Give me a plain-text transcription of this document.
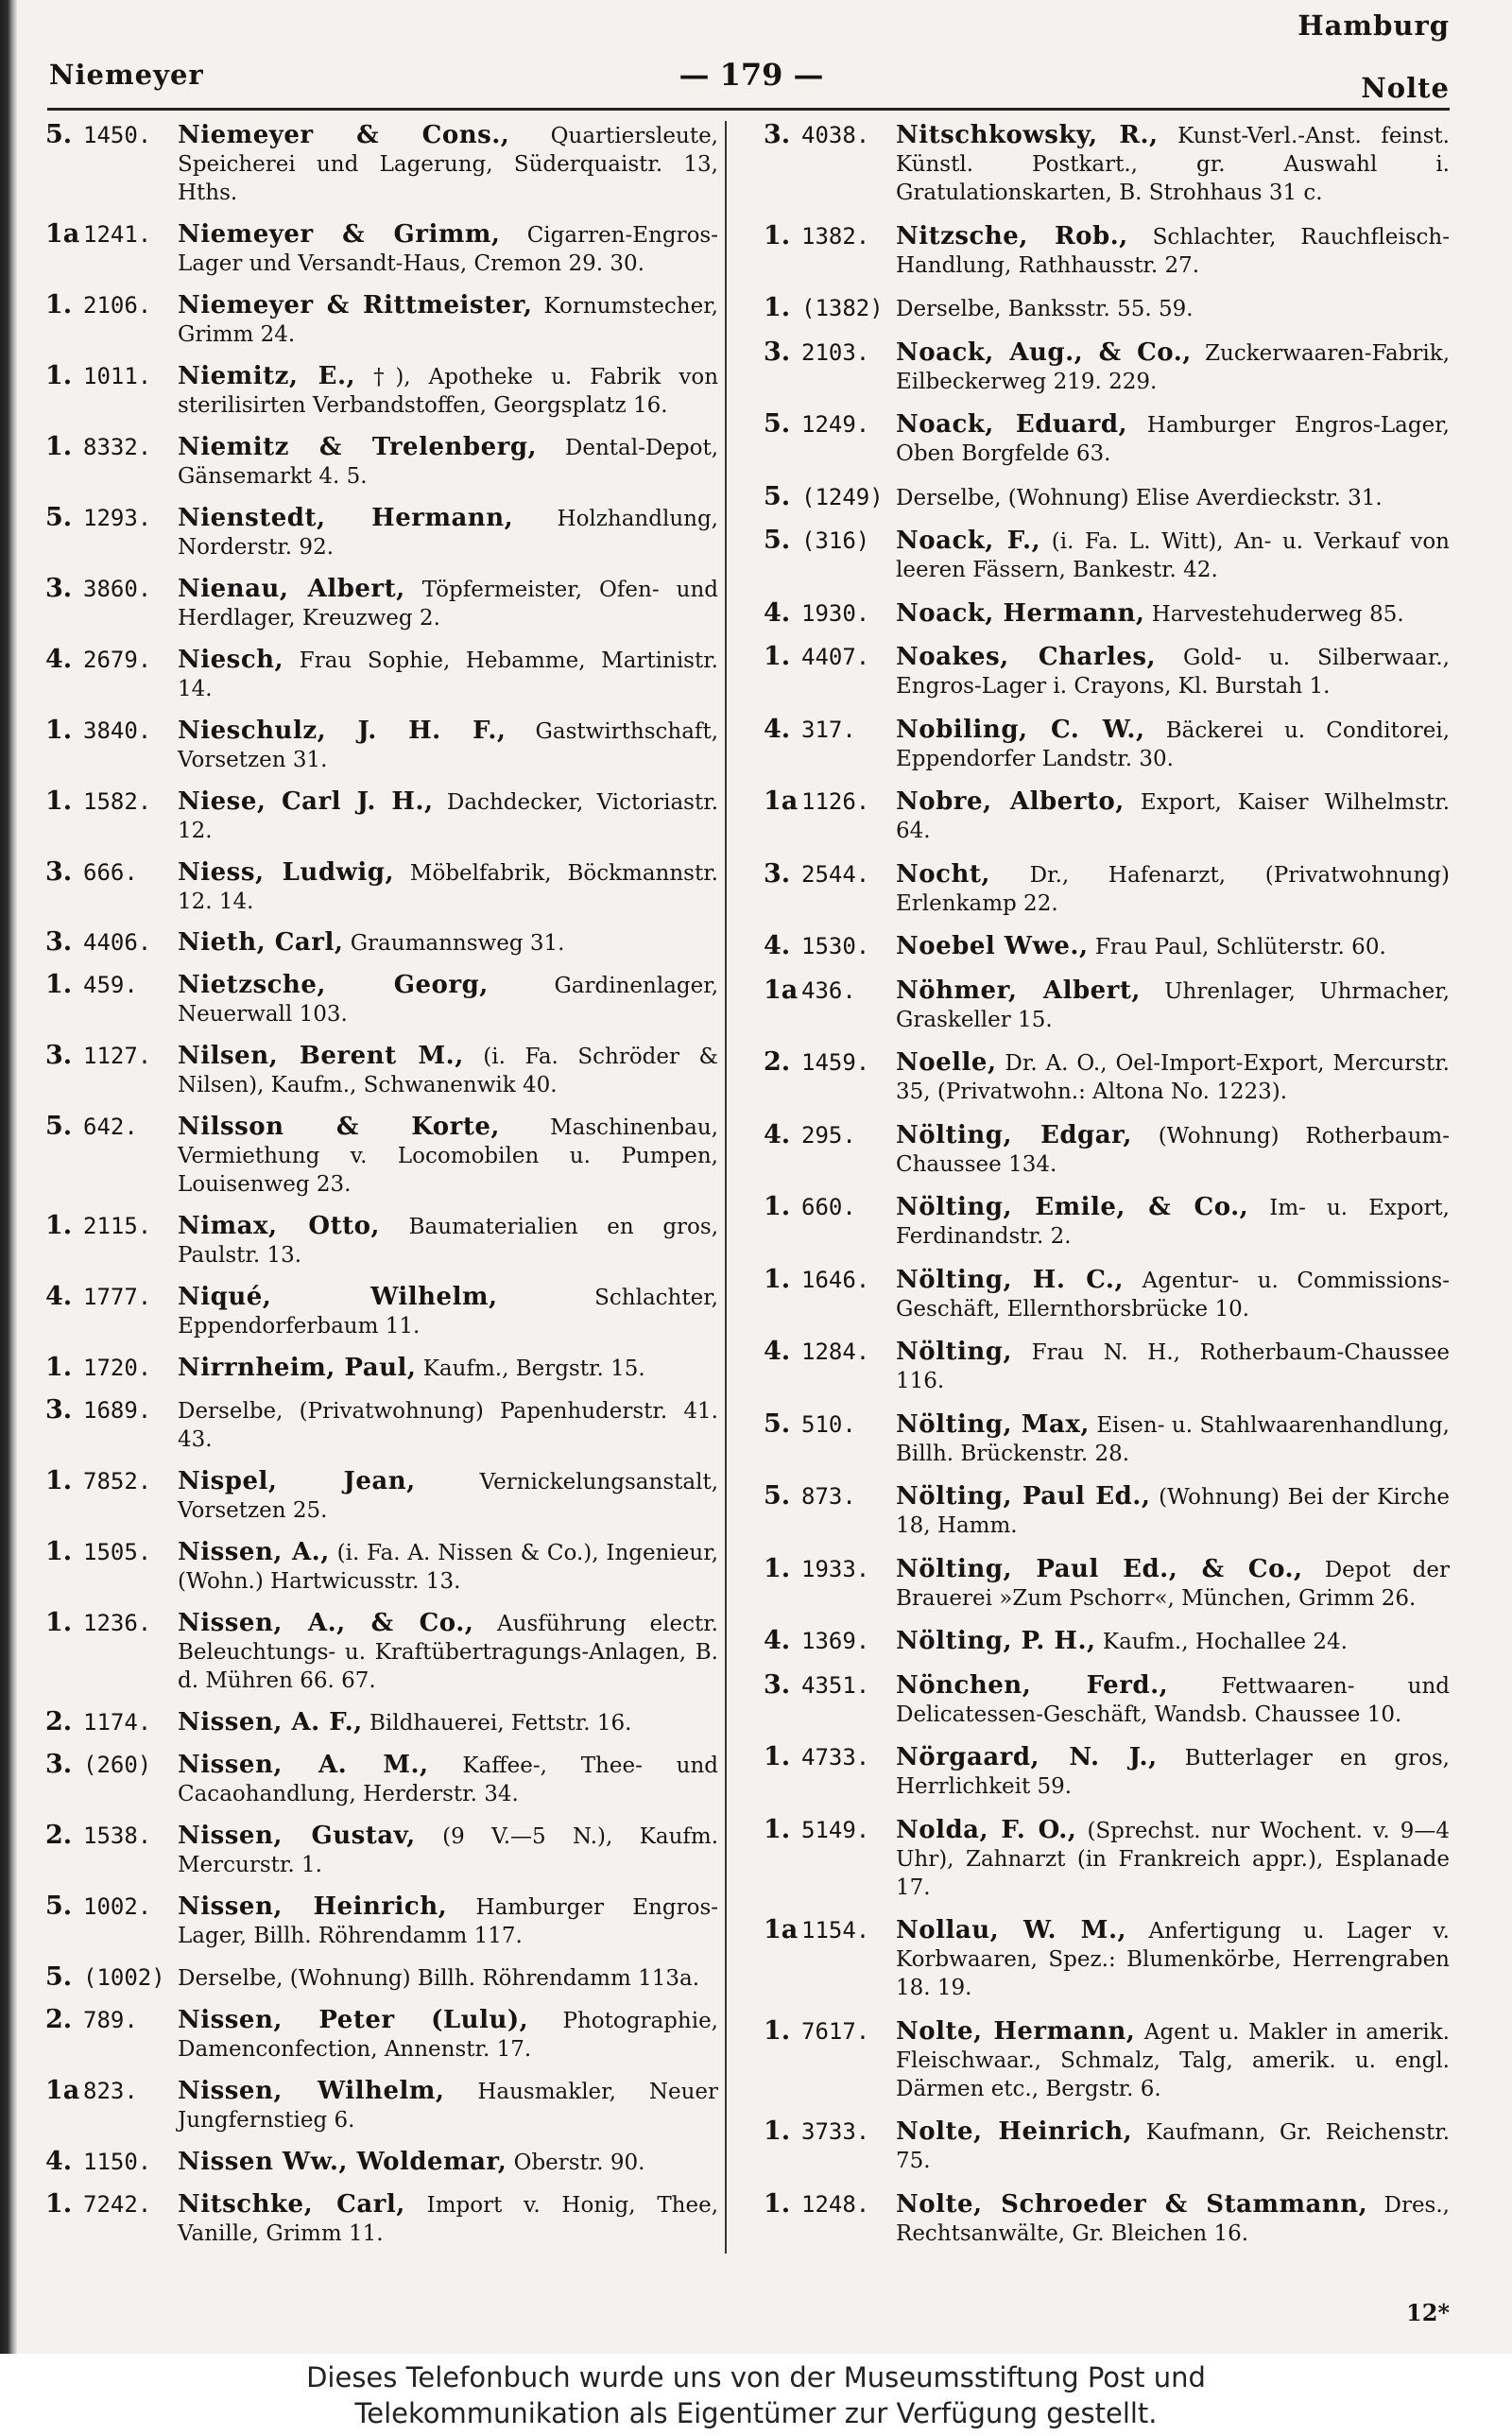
Niemeyer	— 179 —
Hamburg
Nolte
5. 1450.	Niemeyer & Cons., Quartiersleute, Speicherei und Lagerung, Süderquaistr. 13, Hths.
1a 1241.	Niemeyer & Grimm, Cigarren-Engros-Lager und Versandt-Haus, Cremon 29. 30.
1. 2106.	Niemeyer & Rittmeister, Kornumstecher, Grimm 24.
1. 1011.	Niemitz, E., †), Apotheke u. Fabrik von sterilisirten Verbandstoffen, Georgsplatz 16.
1. 8332.	Niemitz & Trelenberg, Dental-Depot, Gänsemarkt 4. 5.
5. 1293.	Nienstedt, Hermann, Holzhandlung, Norderstr. 92.
3. 3860.	Nienau, Albert, Töpfermeister, Ofen- und Herdlager, Kreuzweg 2.
4. 2679.	Niesch, Frau Sophie, Hebamme, Martinistr. 14.
1. 3840.	Nieschulz, J. H. F., Gastwirthschaft, Vorsetzen 31.
1. 1582.	Niese, Carl J. H., Dachdecker, Victoriastr. 12.
3. 666.	Niess, Ludwig, Möbelfabrik, Böckmannstr. 12. 14.
3. 4406.	Nieth, Carl, Graumannsweg 31.
1. 459.	Nietzsche, Georg,	Gardinenlager, Neuerwall 103.
3. 1127.	Nilsen, Berent M., (i. Fa. Schröder & Nilsen), Kaufm., Schwanenwik 40.
5. 642.	Nilsson & Korte, Maschinenbau, Vermiethung v. Locomobilen u. Pumpen, Louisenweg 23.
1. 2115.	Nimax, Otto, Baumaterialien en gros, Paulstr. 13.
4. 1777.	Niqué, Wilhelm,	Schlachter, Eppendorferbaum 11.
1. 1720.	Nirrnheim, Paul, Kaufm., Bergstr. 15.
3. 1689.	Derselbe, (Privatwohnung) Papenhuderstr. 41. 43.
1. 7852.	Nispel, Jean,	Vernickelungsanstalt, Vorsetzen 25.
1. 1505.	Nissen, A., (i. Fa. A. Nissen & Co.), Ingenieur, (Wohn.) Hartwicusstr. 13.
1. 1236.	Nissen, A., & Co., Ausführung electr. Beleuchtungs- u. Kraftübertragungs-Anlagen, B. d. Mühren 66. 67.
2. 1174.	Nissen, A. F., Bildhauerei, Fettstr. 16.
3. (260)	Nissen, A. M., Kaffee-, Thee- und Cacaohandlung, Herderstr. 34.
2. 1538.	Nissen, Gustav, (9 V.—5 N.), Kaufm. Mercurstr. 1.
5. 1002.	Nissen, Heinrich, Hamburger Engros-Lager, Billh. Röhrendamm 117.
5. (1002) Derselbe, (Wohnung) Billh. Röhrendamm 113a.
2. 789.	Nissen, Peter (Lulu), Photographie, Damenconfection, Annenstr. 17.
1a 823.	Nissen, Wilhelm, Hausmakler, Neuer Jungfernstieg 6.
4. 1150.	Nissen Ww., Woldemar, Oberstr. 90.
1. 7242.	Nitschke, Carl, Import v. Honig, Thee, Vanille, Grimm 11.
3. 4038.	Nitschkowsky, R., Kunst-Verl.-Anst. feinst. Künstl. Postkart., gr. Auswahl i. Gratulationskarten, B. Strohhaus 31 c.
1. 1382.	Nitzsche, Rob., Schlachter, Rauchfleisch-Handlung, Rathhausstr. 27.
1. (1382) Derselbe, Banksstr. 55. 59.
3. 2103.	Noack, Aug., & Co., Zuckerwaaren-Fabrik, Eilbeckerweg 219. 229.
5. 1249.	Noack, Eduard, Hamburger Engros-Lager, Oben Borgfelde 63.
5. (1249) Derselbe, (Wohnung) Elise Averdieckstr. 31.
5. (316)	Noack, F., (i. Fa. L. Witt), An- u. Verkauf von leeren Fässern, Bankestr. 42.
4. 1930.	Noack, Hermann, Harvestehuderweg 85.
1. 4407.	Noakes, Charles, Gold- u. Silberwaar., Engros-Lager i. Crayons, Kl. Burstah 1.
4. 317.	Nobiling, C. W., Bäckerei u. Conditorei, Eppendorfer Landstr. 30.
1a 1126.	Nobre, Alberto, Export, Kaiser Wilhelmstr. 64.
3. 2544.	Nocht, Dr., Hafenarzt, (Privatwohnung) Erlenkamp 22.
4. 1530.	Noebel Wwe., Frau Paul, Schlüterstr. 60.
1a 436.	Nöhmer, Albert, Uhrenlager, Uhrmacher, Graskeller 15.
2. 1459.	Noelle, Dr. A. O., Oel-Import-Export, Mercurstr. 35, (Privatwohn.: Altona No. 1223).
4. 295.	Nölting, Edgar, (Wohnung) Rotherbaum-Chaussee 134.
1. 660.	Nölting, Emile, & Co., Im- u. Export, Ferdinandstr. 2.
1. 1646.	Nölting, H. C., Agentur- u. Commissions-Geschäft, Ellernthorsbrücke 10.
4. 1284.	Nölting, Frau N. H., Rotherbaum-Chaussee 116.
5. 510.	Nölting, Max, Eisen- u. Stahlwaarenhandlung, Billh. Brückenstr. 28.
5. 873.	Nölting, Paul Ed., (Wohnung) Bei der Kirche 18, Hamm.
1. 1933.	Nölting, Paul Ed., & Co., Depot der Brauerei »Zum Pschorr«, München, Grimm 26.
4. 1369.	Nölting, P. H., Kaufm., Hochallee 24.
3. 4351.	Nönchen, Ferd., Fettwaaren- und Delicatessen-Geschäft, Wandsb. Chaussee 10.
1. 4733.	Nörgaard, N. J., Butterlager en gros, Herrlichkeit 59.
1. 5149.	Nolda, F. O., (Sprechst. nur Wochent. v. 9—4 Uhr), Zahnarzt (in Frankreich appr.), Esplanade 17.
1a 1154.	Nollau, W. M., Anfertigung u. Lager v. Korbwaaren, Spez.: Blumenkörbe, Herrengraben 18. 19.
1. 7617.	Nolte, Hermann, Agent u. Makler in amerik. Fleischwaar., Schmalz, Talg, amerik. u. engl. Därmen etc., Bergstr. 6.
1. 3733.	Nolte, Heinrich, Kaufmann, Gr. Reichenstr. 75.
1. 1248.	Nolte, Schroeder & Stammann, Dres., Rechtsanwälte, Gr. Bleichen 16.
12*
Dieses Telefonbuch wurde uns von der Museumsstiftung Post und
Telekommunikation als Eigentümer zur Verfügung gestellt.
